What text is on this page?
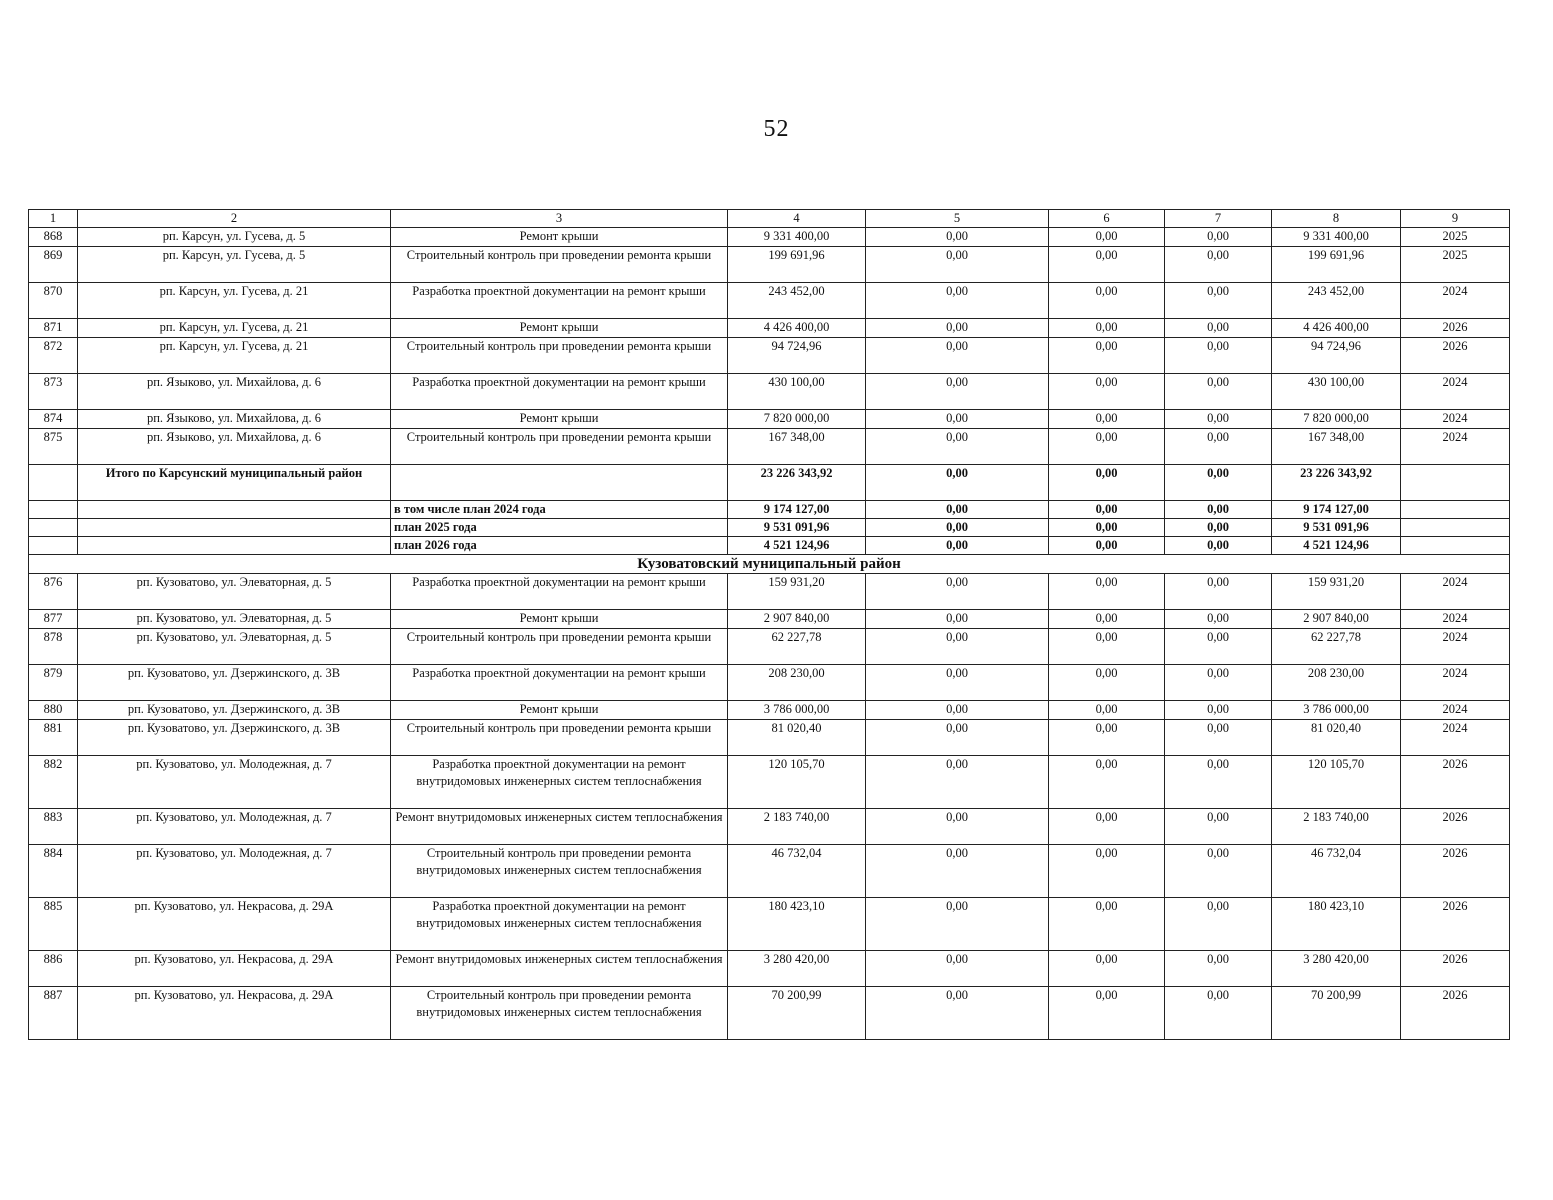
52
1	2	3	4	5	6	7	8	9
868	рп. Карсун, ул. Гусева, д. 5	Ремонт крыши	9 331 400,00	0,00	0,00	0,00	9 331 400,00	2025
869	рп. Карсун, ул. Гусева, д. 5	Строительный контроль при проведении ремонта крыши	199 691,96	0,00	0,00	0,00	199 691,96	2025
870	рп. Карсун, ул. Гусева, д. 21	Разработка проектной документации на ремонт крыши	243 452,00	0,00	0,00	0,00	243 452,00	2024
871	рп. Карсун, ул. Гусева, д. 21	Ремонт крыши	4 426 400,00	0,00	0,00	0,00	4 426 400,00	2026
872	рп. Карсун, ул. Гусева, д. 21	Строительный контроль при проведении ремонта крыши	94 724,96	0,00	0,00	0,00	94 724,96	2026
873	рп. Языково, ул. Михайлова, д. 6	Разработка проектной документации на ремонт крыши	430 100,00	0,00	0,00	0,00	430 100,00	2024
874	рп. Языково, ул. Михайлова, д. 6	Ремонт крыши	7 820 000,00	0,00	0,00	0,00	7 820 000,00	2024
875	рп. Языково, ул. Михайлова, д. 6	Строительный контроль при проведении ремонта крыши	167 348,00	0,00	0,00	0,00	167 348,00	2024
	Итого по Карсунский муниципальный район		23 226 343,92	0,00	0,00	0,00	23 226 343,92	
		в том числе план 2024 года	9 174 127,00	0,00	0,00	0,00	9 174 127,00	
		план 2025 года	9 531 091,96	0,00	0,00	0,00	9 531 091,96	
		план 2026 года	4 521 124,96	0,00	0,00	0,00	4 521 124,96	
Кузоватовский муниципальный район								
876	рп. Кузоватово, ул. Элеваторная, д. 5	Разработка проектной документации на ремонт крыши	159 931,20	0,00	0,00	0,00	159 931,20	2024
877	рп. Кузоватово, ул. Элеваторная, д. 5	Ремонт крыши	2 907 840,00	0,00	0,00	0,00	2 907 840,00	2024
878	рп. Кузоватово, ул. Элеваторная, д. 5	Строительный контроль при проведении ремонта крыши	62 227,78	0,00	0,00	0,00	62 227,78	2024
879	рп. Кузоватово, ул. Дзержинского, д. 3В	Разработка проектной документации на ремонт крыши	208 230,00	0,00	0,00	0,00	208 230,00	2024
880	рп. Кузоватово, ул. Дзержинского, д. 3В	Ремонт крыши	3 786 000,00	0,00	0,00	0,00	3 786 000,00	2024
881	рп. Кузоватово, ул. Дзержинского, д. 3В	Строительный контроль при проведении ремонта крыши	81 020,40	0,00	0,00	0,00	81 020,40	2024
882	рп. Кузоватово, ул. Молодежная, д. 7	Разработка проектной документации на ремонт внутридомовых инженерных систем теплоснабжения	120 105,70	0,00	0,00	0,00	120 105,70	2026
883	рп. Кузоватово, ул. Молодежная, д. 7	Ремонт внутридомовых инженерных систем теплоснабжения	2 183 740,00	0,00	0,00	0,00	2 183 740,00	2026
884	рп. Кузоватово, ул. Молодежная, д. 7	Строительный контроль при проведении ремонта внутридомовых инженерных систем теплоснабжения	46 732,04	0,00	0,00	0,00	46 732,04	2026
885	рп. Кузоватово, ул. Некрасова, д. 29А	Разработка проектной документации на ремонт внутридомовых инженерных систем теплоснабжения	180 423,10	0,00	0,00	0,00	180 423,10	2026
886	рп. Кузоватово, ул. Некрасова, д. 29А	Ремонт внутридомовых инженерных систем теплоснабжения	3 280 420,00	0,00	0,00	0,00	3 280 420,00	2026
887	рп. Кузоватово, ул. Некрасова, д. 29А	Строительный контроль при проведении ремонта внутридомовых инженерных систем теплоснабжения	70 200,99	0,00	0,00	0,00	70 200,99	2026
